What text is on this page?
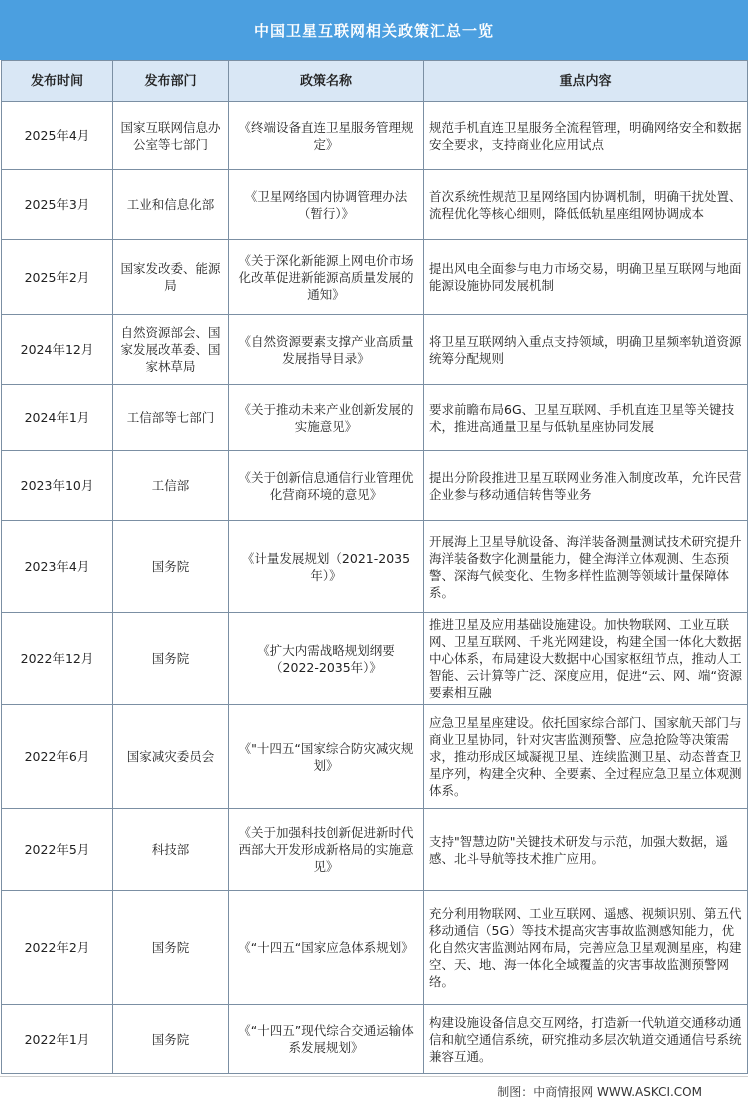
中国卫星互联网相关政策汇总一览
发布时间	发布部门	政策名称	重点内容
2025年4月	国家互联网信息办公室等七部门	《终端设备直连卫星服务管理规定》	规范手机直连卫星服务全流程管理，明确网络安全和数据安全要求，支持商业化应用试点
2025年3月	工业和信息化部	《卫星网络国内协调管理办法（暂行）》	首次系统性规范卫星网络国内协调机制，明确干扰处置、流程优化等核心细则，降低低轨星座组网协调成本
2025年2月	国家发改委、能源局	《关于深化新能源上网电价市场化改革促进新能源高质量发展的通知》	提出风电全面参与电力市场交易，明确卫星互联网与地面能源设施协同发展机制
2024年12月	自然资源部会、国家发展改革委、国家林草局	《自然资源要素支撑产业高质量发展指导目录》	将卫星互联网纳入重点支持领域，明确卫星频率轨道资源统筹分配规则
2024年1月	工信部等七部门	《关于推动未来产业创新发展的实施意见》	要求前瞻布局6G、卫星互联网、手机直连卫星等关键技术，推进高通量卫星与低轨星座协同发展
2023年10月	工信部	《关于创新信息通信行业管理优化营商环境的意见》	提出分阶段推进卫星互联网业务准入制度改革，允许民营企业参与移动通信转售等业务
2023年4月	国务院	《计量发展规划（2021-2035年）》	开展海上卫星导航设备、海洋装备测量测试技术研究提升海洋装备数字化测量能力，健全海洋立体观测、生态预警、深海气候变化、生物多样性监测等领域计量保障体系。
2022年12月	国务院	《扩大内需战略规划纲要（2022-2035年）》	推进卫星及应用基础设施建设。加快物联网、工业互联网、卫星互联网、千兆光网建设，构建全国一体化大数据中心体系，布局建设大数据中心国家枢纽节点，推动人工智能、云计算等广泛、深度应用，促进“云、网、端“资源要素相互融
2022年6月	国家减灾委员会	《"十四五“国家综合防灾减灾规划》	应急卫星星座建设。依托国家综合部门、国家航天部门与商业卫星协同，针对灾害监测预警、应急抢险等决策需求，推动形成区域凝视卫星、连续监测卫星、动态普查卫星序列，构建全灾种、全要素、全过程应急卫星立体观测体系。
2022年5月	科技部	《关于加强科技创新促进新时代西部大开发形成新格局的实施意见》	支持"智慧边防"关键技术研发与示范，加强大数据，遥感、北斗导航等技术推广应用。
2022年2月	国务院	《“十四五“国家应急体系规划》	充分利用物联网、工业互联网、遥感、视频识别、第五代移动通信（5G）等技术提高灾害事故监测感知能力，优化自然灾害监测站网布局，完善应急卫星观测星座，构建空、天、地、海一体化全域覆盖的灾害事故监测预警网络。
2022年1月	国务院	《“十四五”现代综合交通运输体系发展规划》	构建设施设备信息交互网络，打造新一代轨道交通移动通信和航空通信系统，研究推动多层次轨道交通通信号系统兼容互通。
制图：中商情报网 WWW.ASKCI.COM
